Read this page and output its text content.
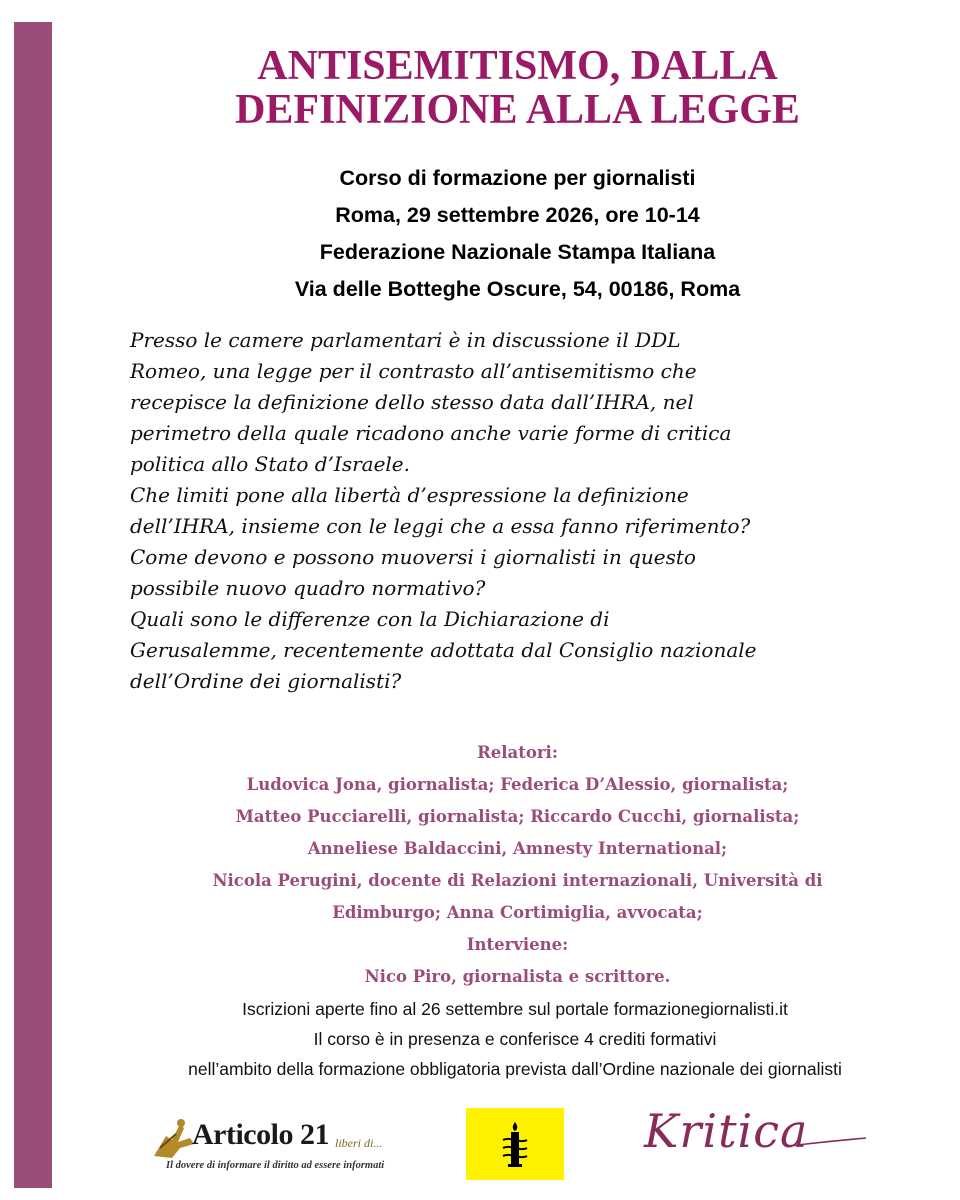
ANTISEMITISMO, DALLA
DEFINIZIONE ALLA LEGGE
Corso di formazione per giornalisti
Roma, 29 settembre 2026, ore 10-14
Federazione Nazionale Stampa Italiana
Via delle Botteghe Oscure, 54, 00186, Roma
Presso le camere parlamentari è in discussione il DDL
Romeo, una legge per il contrasto all’antisemitismo che
recepisce la definizione dello stesso data dall’IHRA, nel
perimetro della quale ricadono anche varie forme di critica
politica allo Stato d’Israele.
Che limiti pone alla libertà d’espressione la definizione
dell’IHRA, insieme con le leggi che a essa fanno riferimento?
Come devono e possono muoversi i giornalisti in questo
possibile nuovo quadro normativo?
Quali sono le differenze con la Dichiarazione di
Gerusalemme, recentemente adottata dal Consiglio nazionale
dell’Ordine dei giornalisti?
Relatori:
Ludovica Jona, giornalista; Federica D’Alessio, giornalista;
Matteo Pucciarelli, giornalista; Riccardo Cucchi, giornalista;
Anneliese Baldaccini, Amnesty International;
Nicola Perugini, docente di Relazioni internazionali, Università di
Edimburgo; Anna Cortimiglia, avvocata;
Interviene:
Nico Piro, giornalista e scrittore.
Iscrizioni aperte fino al 26 settembre sul portale formazionegiornalisti.it
Il corso è in presenza e conferisce 4 crediti formativi
nell’ambito della formazione obbligatoria prevista dall’Ordine nazionale dei giornalisti
Articolo 21 liberi di...
Il dovere di informare il diritto ad essere informati
Kritica
